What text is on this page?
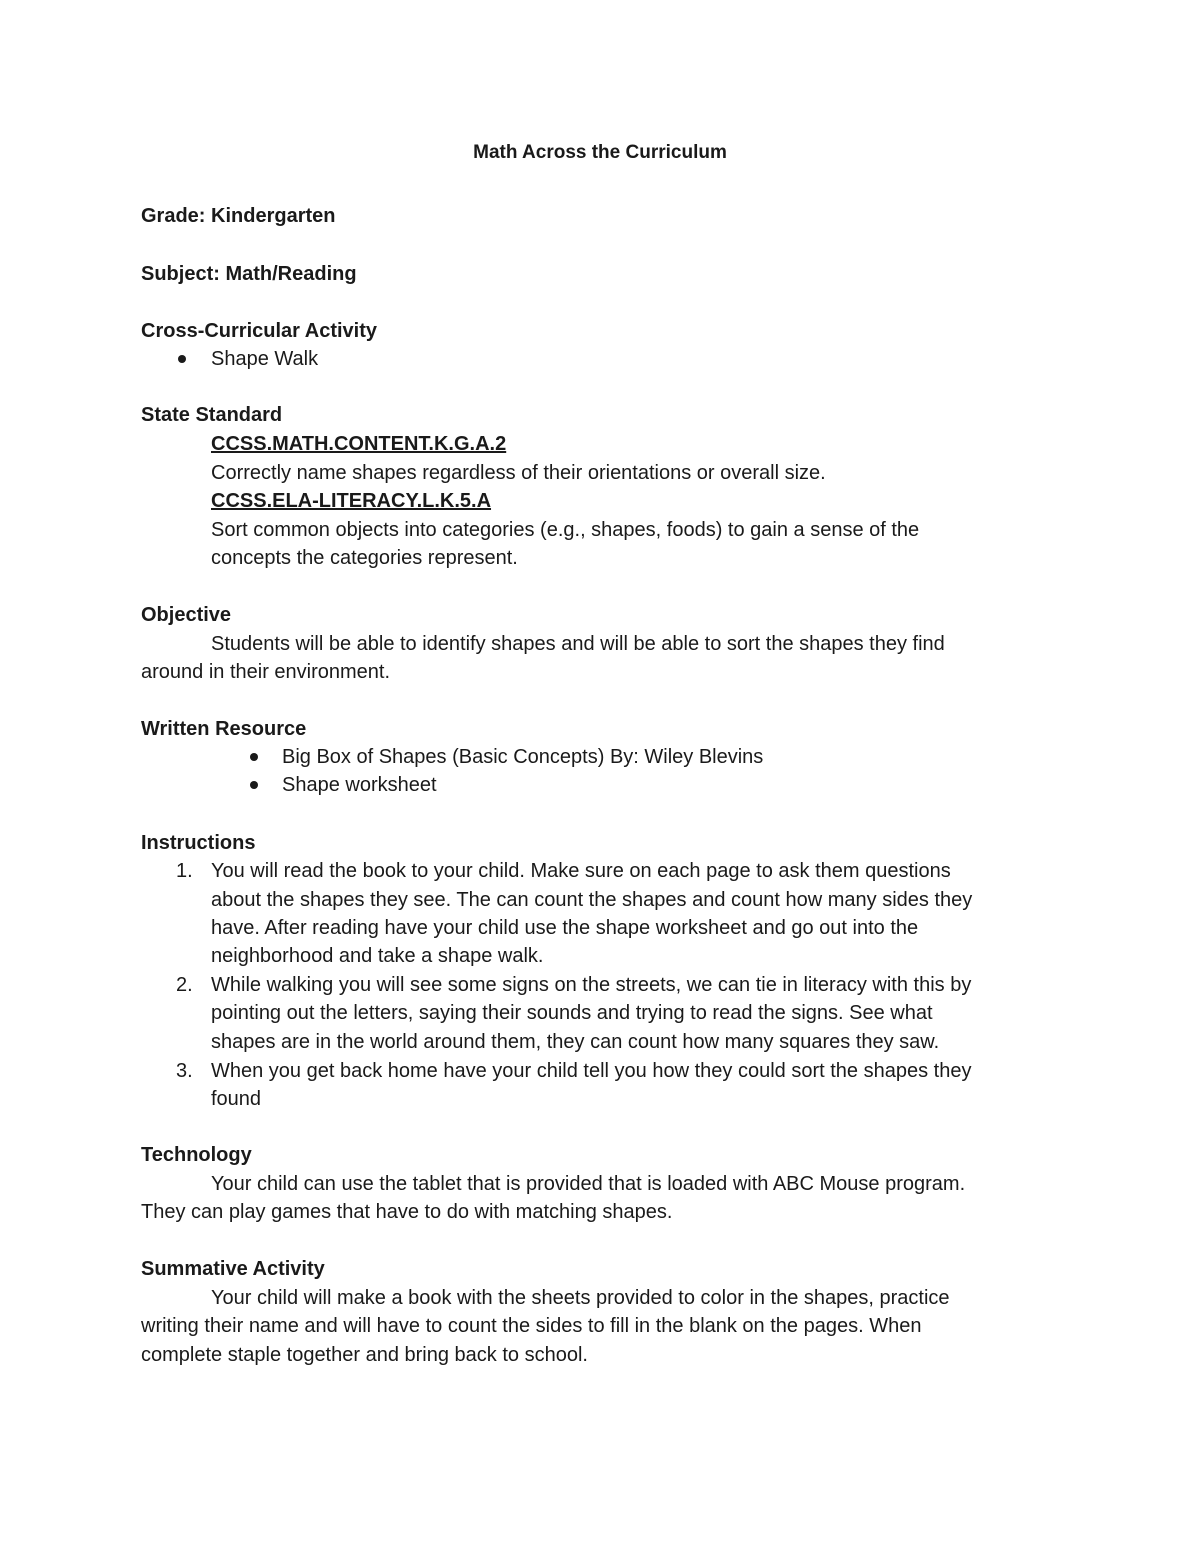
Math Across the Curriculum
Grade: Kindergarten
Subject: Math/Reading
Cross-Curricular Activity
Shape Walk
State Standard
CCSS.MATH.CONTENT.K.G.A.2
Correctly name shapes regardless of their orientations or overall size.
CCSS.ELA-LITERACY.L.K.5.A
Sort common objects into categories (e.g., shapes, foods) to gain a sense of the
concepts the categories represent.
Objective
Students will be able to identify shapes and will be able to sort the shapes they find
around in their environment.
Written Resource
Big Box of Shapes (Basic Concepts) By: Wiley Blevins
Shape worksheet
Instructions
1. You will read the book to your child. Make sure on each page to ask them questions
about the shapes they see. The can count the shapes and count how many sides they
have. After reading have your child use the shape worksheet and go out into the
neighborhood and take a shape walk.
2. While walking you will see some signs on the streets, we can tie in literacy with this by
pointing out the letters, saying their sounds and trying to read the signs. See what
shapes are in the world around them, they can count how many squares they saw.
3. When you get back home have your child tell you how they could sort the shapes they
found
Technology
Your child can use the tablet that is provided that is loaded with ABC Mouse program.
They can play games that have to do with matching shapes.
Summative Activity
Your child will make a book with the sheets provided to color in the shapes, practice
writing their name and will have to count the sides to fill in the blank on the pages. When
complete staple together and bring back to school.
